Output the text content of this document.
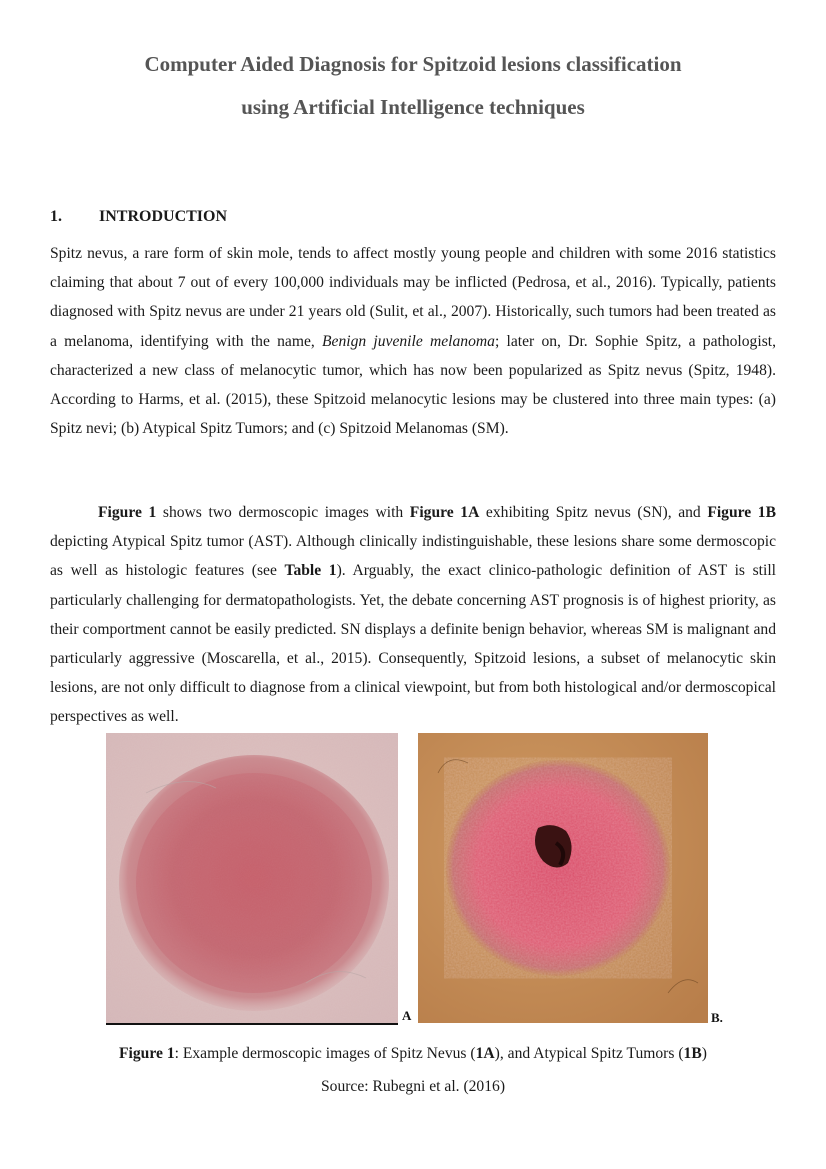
Computer Aided Diagnosis for Spitzoid lesions classification
using Artificial Intelligence techniques
1. INTRODUCTION

Spitz nevus, a rare form of skin mole, tends to affect mostly young people and children with some 2016 statistics claiming that about 7 out of every 100,000 individuals may be inflicted (Pedrosa, et al., 2016). Typically, patients diagnosed with Spitz nevus are under 21 years old (Sulit, et al., 2007). Historically, such tumors had been treated as a melanoma, identifying with the name, Benign juvenile melanoma; later on, Dr. Sophie Spitz, a pathologist, characterized a new class of melanocytic tumor, which has now been popularized as Spitz nevus (Spitz, 1948). According to Harms, et al. (2015), these Spitzoid melanocytic lesions may be clustered into three main types: (a) Spitz nevi; (b) Atypical Spitz Tumors; and (c) Spitzoid Melanomas (SM).

Figure 1 shows two dermoscopic images with Figure 1A exhibiting Spitz nevus (SN), and Figure 1B depicting Atypical Spitz tumor (AST). Although clinically indistinguishable, these lesions share some dermoscopic as well as histologic features (see Table 1). Arguably, the exact clinico-pathologic definition of AST is still particularly challenging for dermatopathologists. Yet, the debate concerning AST prognosis is of highest priority, as their comportment cannot be easily predicted. SN displays a definite benign behavior, whereas SM is malignant and particularly aggressive (Moscarella, et al., 2015). Consequently, Spitzoid lesions, a subset of melanocytic skin lesions, are not only difficult to diagnose from a clinical viewpoint, but from both histological and/or dermoscopical perspectives as well.

A	B.
Figure 1: Example dermoscopic images of Spitz Nevus (1A), and Atypical Spitz Tumors (1B)
Source: Rubegni et al. (2016)
